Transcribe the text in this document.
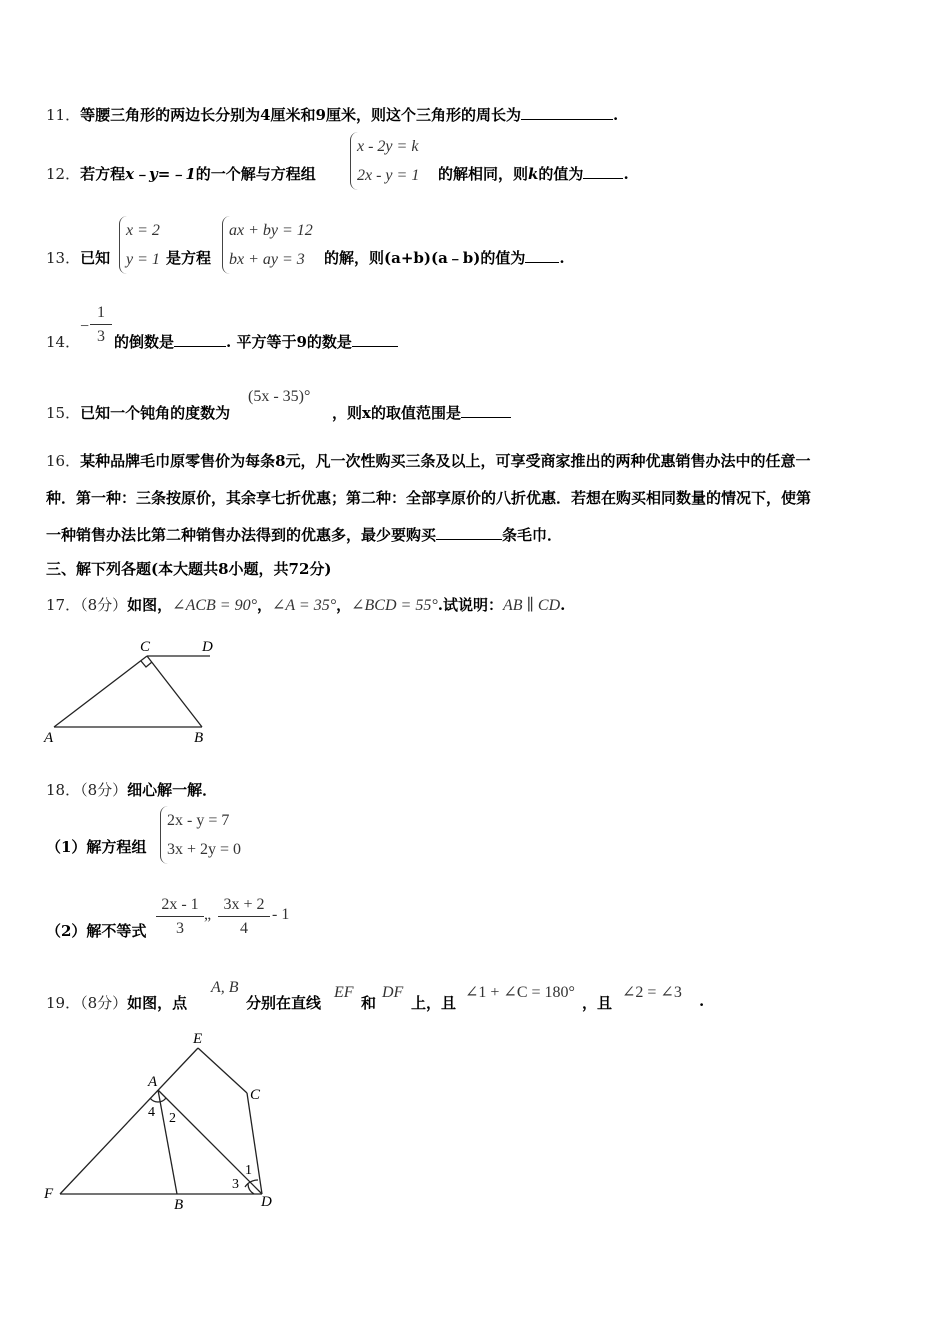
11．等腰三角形的两边长分别为4厘米和9厘米，则这个三角形的周长为	.
12．若方程x﹣y=﹣1的一个解与方程组
x - 2y = k
2x - y = 1 的解相同，则k的值为	.
13．已知
x = 2
y = 1 是方程
ax + by = 12
bx + ay = 3	的解，则(a+b)(a﹣b)的值为 .
14．
− $\frac{1}{3}$ 的倒数是	. 平方等于9的数是
15．已知一个钝角的度数为
(5x - 35)°
，则x的取值范围是
16．某种品牌毛巾原零售价为每条8元，凡一次性购买三条及以上，可享受商家推出的两种优惠销售办法中的任意一
种．第一种：三条按原价，其余享七折优惠；第二种：全部享原价的八折优惠．若想在购买相同数量的情况下，使第
一种销售办法比第二种销售办法得到的优惠多，最少要购买	条毛巾．
三、解下列各题(本大题共8小题，共72分)
17．（8分）如图，∠ACB = 90°，∠A = 35°，∠BCD = 55°.试说明：AB ∥ CD.
C	D
A	B
18．（8分）细心解一解．
（1）解方程组
2x - y = 7
3x + 2y = 0
（2）解不等式 $\frac{2x - 1}{3}$ „ $\frac{3x + 2}{4} - 1$
19．（8分）如图，点
A, B
分别在直线
EF
和
DF
上，且
∠1 + ∠C = 180°
，且
∠2 = ∠3 .
E
A
C
F
B	D
4 2
1
3
